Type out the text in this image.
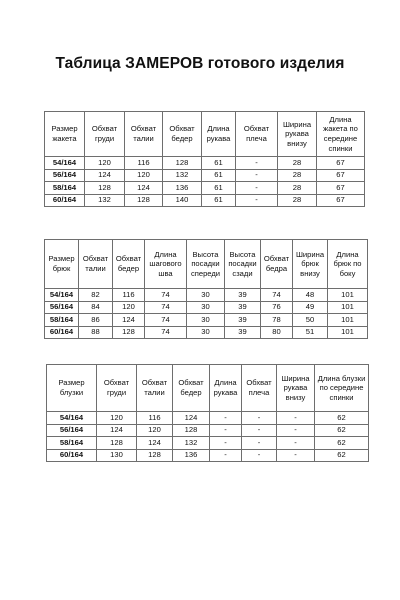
Таблица ЗАМЕРОВ готового изделия
Размер жакета	Обхват груди	Обхват талии	Обхват бедер	Длина рукава	Обхват плеча	Ширина рукава внизу	Длина жакета по середине спинки
54/164	120	116	128	61	-	28	67
56/164	124	120	132	61	-	28	67
58/164	128	124	136	61	-	28	67
60/164	132	128	140	61	-	28	67
Размер брюк	Обхват талии	Обхват бедер	Длина шагового шва	Высота посадки спереди	Высота посадки сзади	Обхват бедра	Ширина брюк внизу	Длина брюк по боку
54/164	82	116	74	30	39	74	48	101
56/164	84	120	74	30	39	76	49	101
58/164	86	124	74	30	39	78	50	101
60/164	88	128	74	30	39	80	51	101
Размер блузки	Обхват груди	Обхват талии	Обхват бедер	Длина рукава	Обхват плеча	Ширина рукава внизу	Длина блузки по середине спинки
54/164	120	116	124	-	-	-	62
56/164	124	120	128	-	-	-	62
58/164	128	124	132	-	-	-	62
60/164	130	128	136	-	-	-	62
